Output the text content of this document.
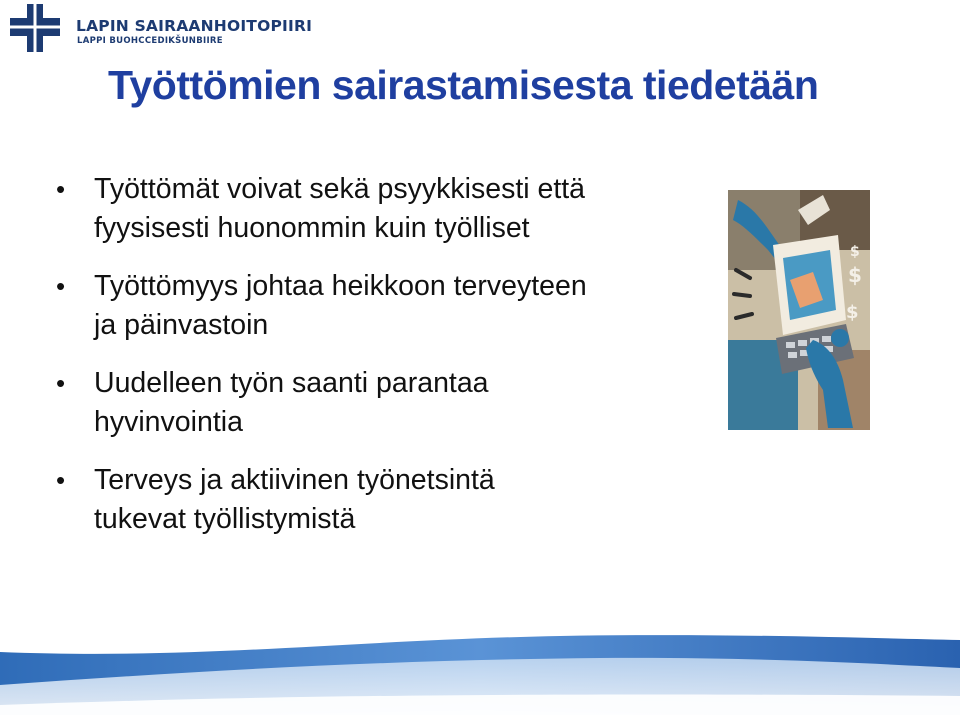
LAPIN SAIRAANHOITOPIIRI
LAPPI BUOHCCEDIKŠUNBIIRE
Työttömien sairastamisesta tiedetään
• Työttömät voivat sekä psyykkisesti että
fyysisesti huonommin kuin työlliset
• Työttömyys johtaa heikkoon terveyteen
ja päinvastoin
• Uudelleen työn saanti parantaa
hyvinvointia
• Terveys ja aktiivinen työnetsintä
tukevat työllistymistä
$
$
$
